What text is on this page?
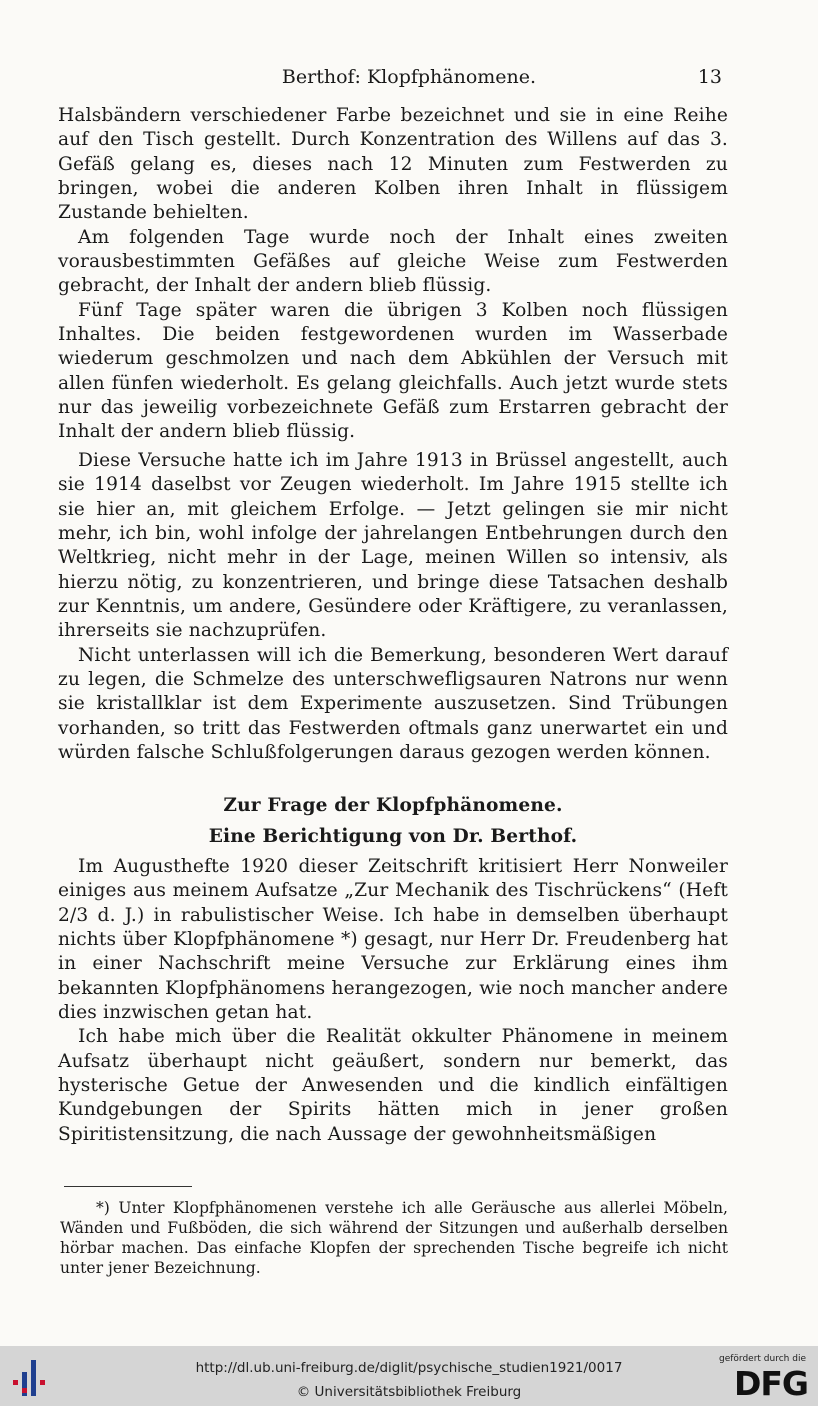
Berthof: Klopfphänomene.	13

Halsbändern verschiedener Farbe bezeichnet und sie in eine Reihe auf den Tisch gestellt. Durch Konzentration des Willens auf das 3. Gefäß gelang es, dieses nach 12 Minuten zum Festwerden zu bringen, wobei die anderen Kolben ihren Inhalt in flüssigem Zustande behielten.

Am folgenden Tage wurde noch der Inhalt eines zweiten vorausbestimmten Gefäßes auf gleiche Weise zum Festwerden gebracht, der Inhalt der andern blieb flüssig.

Fünf Tage später waren die übrigen 3 Kolben noch flüssigen Inhaltes. Die beiden festgewordenen wurden im Wasserbade wiederum geschmolzen und nach dem Abkühlen der Versuch mit allen fünfen wiederholt. Es gelang gleichfalls. Auch jetzt wurde stets nur das jeweilig vorbezeichnete Gefäß zum Erstarren gebracht der Inhalt der andern blieb flüssig.

Diese Versuche hatte ich im Jahre 1913 in Brüssel angestellt, auch sie 1914 daselbst vor Zeugen wiederholt. Im Jahre 1915 stellte ich sie hier an, mit gleichem Erfolge. — Jetzt gelingen sie mir nicht mehr, ich bin, wohl infolge der jahrelangen Entbehrungen durch den Weltkrieg, nicht mehr in der Lage, meinen Willen so intensiv, als hierzu nötig, zu konzentrieren, und bringe diese Tatsachen deshalb zur Kenntnis, um andere, Gesündere oder Kräftigere, zu veranlassen, ihrerseits sie nachzuprüfen.

Nicht unterlassen will ich die Bemerkung, besonderen Wert darauf zu legen, die Schmelze des unterschwefligsauren Natrons nur wenn sie kristallklar ist dem Experimente auszusetzen. Sind Trübungen vorhanden, so tritt das Festwerden oftmals ganz unerwartet ein und würden falsche Schlußfolgerungen daraus gezogen werden können.

Zur Frage der Klopfphänomene.

Eine Berichtigung von Dr. Berthof.

Im Augusthefte 1920 dieser Zeitschrift kritisiert Herr Nonweiler einiges aus meinem Aufsatze „Zur Mechanik des Tischrückens“ (Heft 2/3 d. J.) in rabulistischer Weise. Ich habe in demselben überhaupt nichts über Klopfphänomene *) gesagt, nur Herr Dr. Freudenberg hat in einer Nachschrift meine Versuche zur Erklärung eines ihm bekannten Klopfphänomens herangezogen, wie noch mancher andere dies inzwischen getan hat.

Ich habe mich über die Realität okkulter Phänomene in meinem Aufsatz überhaupt nicht geäußert, sondern nur bemerkt, das hysterische Getue der Anwesenden und die kindlich einfältigen Kundgebungen der Spirits hätten mich in jener großen Spiritistensitzung, die nach Aussage der gewohnheitsmäßigen

*) Unter Klopfphänomenen verstehe ich alle Geräusche aus allerlei Möbeln, Wänden und Fußböden, die sich während der Sitzungen und außerhalb derselben hörbar machen. Das einfache Klopfen der sprechenden Tische begreife ich nicht unter jener Bezeichnung.

http://dl.ub.uni-freiburg.de/diglit/psychische_studien1921/0017
© Universitätsbibliothek Freiburg
gefördert durch die
DFG
